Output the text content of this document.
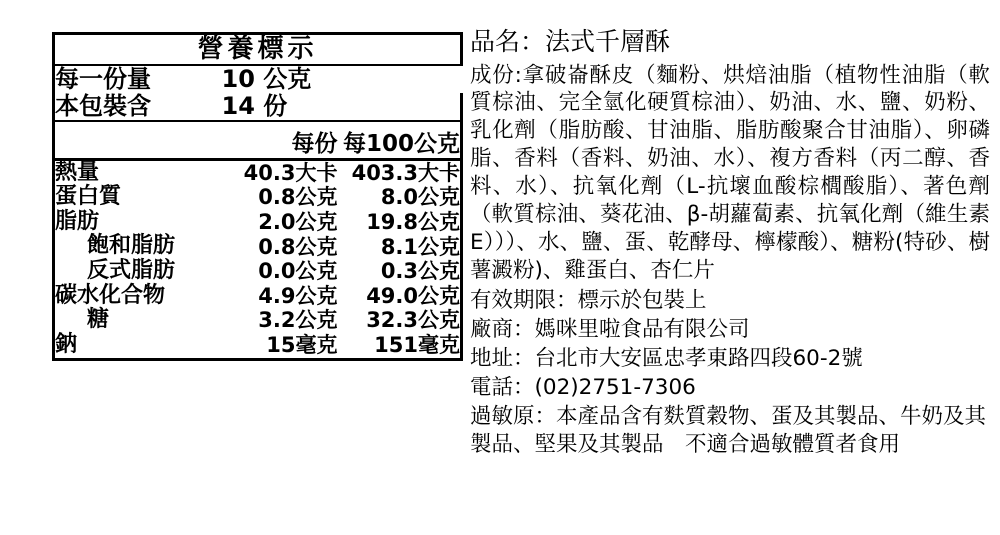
營養標示		
每一份量	10 公克	
本包裝含	14 份	

	每份	每100公克
熱量	40.3大卡	403.3大卡
蛋白質	0.8公克	8.0公克
脂肪	2.0公克	19.8公克
飽和脂肪	0.8公克	8.1公克
反式脂肪	0.0公克	0.3公克
碳水化合物	4.9公克	49.0公克
糖	3.2公克	32.3公克
鈉	15毫克	151毫克
品名：法式千層酥
成份:拿破崙酥皮（麵粉、烘焙油脂（植物性油脂（軟質棕油、完全氫化硬質棕油）、奶油、水、鹽、奶粉、乳化劑（脂肪酸、甘油脂、脂肪酸聚合甘油脂）、卵磷脂、香料（香料、奶油、水）、複方香料（丙二醇、香料、水）、抗氧化劑（L-抗壞血酸棕櫚酸脂）、著色劑（軟質棕油、葵花油、β-胡蘿蔔素、抗氧化劑（維生素E）））、水、鹽、蛋、乾酵母、檸檬酸）、糖粉(特砂、樹薯澱粉)、雞蛋白、杏仁片
有效期限：標示於包裝上
廠商：媽咪里啦食品有限公司
地址：台北市大安區忠孝東路四段60-2號
電話：(02)2751-7306
過敏原：本產品含有麩質穀物、蛋及其製品、牛奶及其製品、堅果及其製品　不適合過敏體質者食用
